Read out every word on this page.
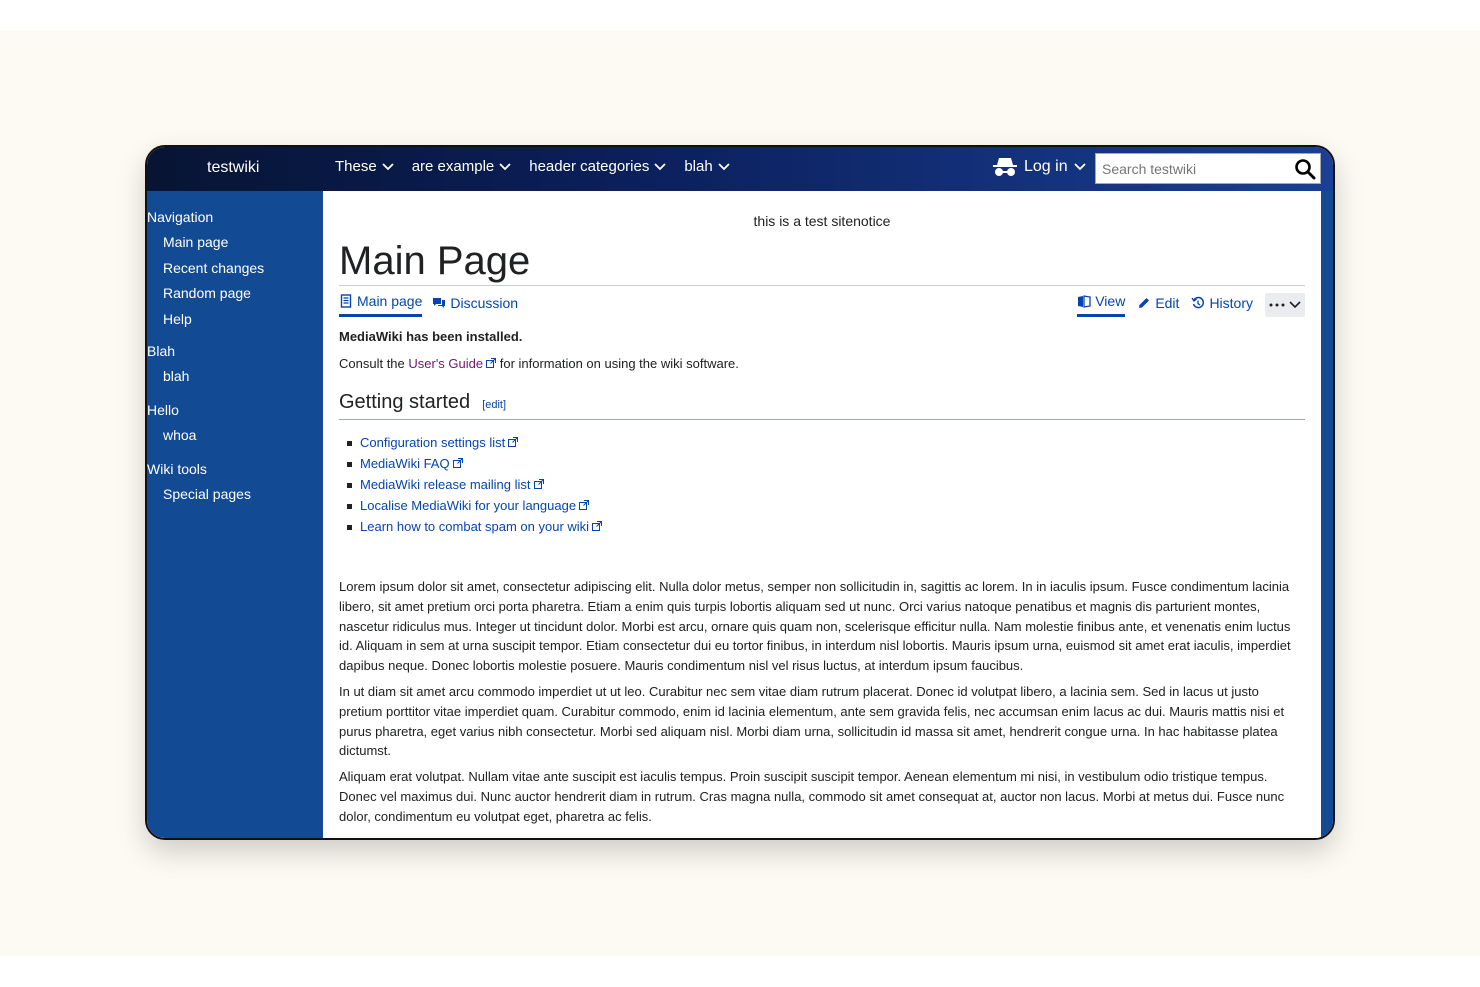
testwiki	These are example header categories blah	Log in
Search testwiki
Navigation
Main page
Recent changes
Random page
Help
Blah
blah
Hello
whoa
Wiki tools
Special pages
this is a test sitenotice
Main Page
Main page Discussion	View Edit History
MediaWiki has been installed.
Consult the User's Guide for information on using the wiki software.
Getting started [edit]
Configuration settings list
MediaWiki FAQ
MediaWiki release mailing list
Localise MediaWiki for your language
Learn how to combat spam on your wiki

Lorem ipsum dolor sit amet, consectetur adipiscing elit. Nulla dolor metus, semper non sollicitudin in, sagittis ac lorem. In in iaculis ipsum. Fusce condimentum lacinia libero, sit amet pretium orci porta pharetra. Etiam a enim quis turpis lobortis aliquam sed ut nunc. Orci varius natoque penatibus et magnis dis parturient montes, nascetur ridiculus mus. Integer ut tincidunt dolor. Morbi est arcu, ornare quis quam non, scelerisque efficitur nulla. Nam molestie finibus ante, et venenatis enim luctus id. Aliquam in sem at urna suscipit tempor. Etiam consectetur dui eu tortor finibus, in interdum nisl lobortis. Mauris ipsum urna, euismod sit amet erat iaculis, imperdiet dapibus neque. Donec lobortis molestie posuere. Mauris condimentum nisl vel risus luctus, at interdum ipsum faucibus.

In ut diam sit amet arcu commodo imperdiet ut ut leo. Curabitur nec sem vitae diam rutrum placerat. Donec id volutpat libero, a lacinia sem. Sed in lacus ut justo pretium porttitor vitae imperdiet quam. Curabitur commodo, enim id lacinia elementum, ante sem gravida felis, nec accumsan enim lacus ac dui. Mauris mattis nisi et purus pharetra, eget varius nibh consectetur. Morbi sed aliquam nisl. Morbi diam urna, sollicitudin id massa sit amet, hendrerit congue urna. In hac habitasse platea dictumst.

Aliquam erat volutpat. Nullam vitae ante suscipit est iaculis tempus. Proin suscipit suscipit tempor. Aenean elementum mi nisi, in vestibulum odio tristique tempus. Donec vel maximus dui. Nunc auctor hendrerit diam in rutrum. Cras magna nulla, commodo sit amet consequat at, auctor non lacus. Morbi at metus dui. Fusce nunc dolor, condimentum eu volutpat eget, pharetra ac felis.
